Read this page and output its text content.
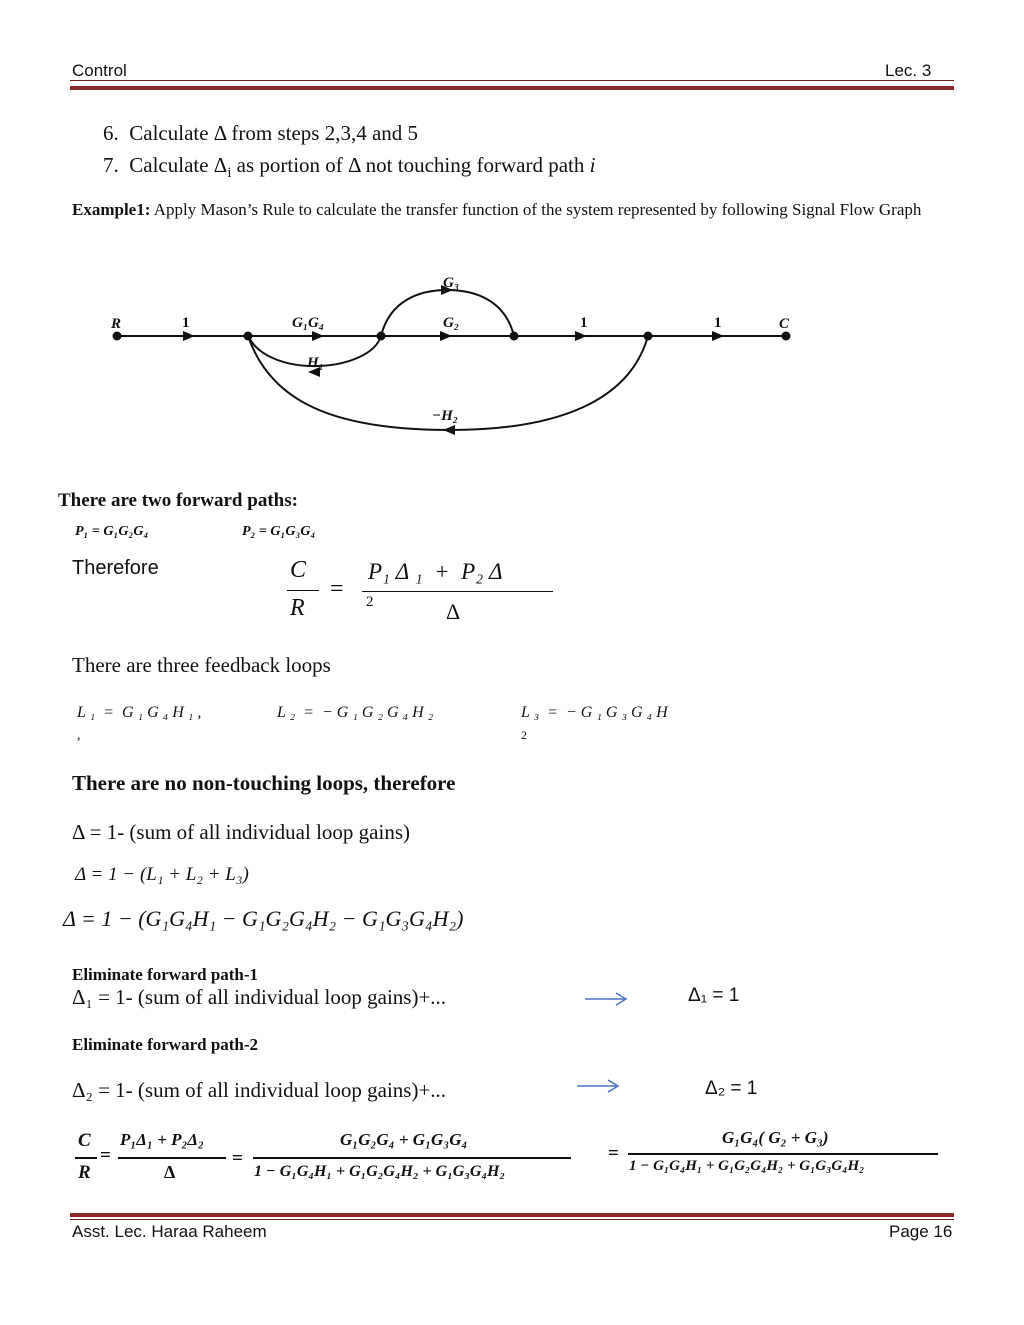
Control	Lec. 3
6. Calculate Δ from steps 2,3,4 and 5
7. Calculate $\Delta_i$ as portion of Δ not touching forward path i
Example1: Apply Mason’s Rule to calculate the transfer function of the system represented by following Signal Flow Graph
R	C
G₁G₄	G₂
G₃
H₁
−H₂
1	1	1
There are two forward paths:
P₁ = G₁G₂G₄	P₂ = G₁G₃G₄
Therefore	C
R
=
P₁ Δ ₁  +  P₂ Δ
2	Δ
There are three feedback loops
L ₁  =  G ₁ G ₄ H ₁ ,
,
L ₂  =  − G ₁ G ₂ G ₄ H ₂	L ₃  =  − G ₁ G ₃ G ₄ H
2
There are no non-touching loops, therefore
Δ = 1- (sum of all individual loop gains)
Δ = 1 − (L₁ + L₂ + L₃)
Δ = 1 − (G₁G₄H₁ − G₁G₂G₄H₂ − G₁G₃G₄H₂)
Eliminate forward path-1
Δ₁ = 1- (sum of all individual loop gains)+...	Δ₁ = 1
Eliminate forward path-2
Δ₂ = 1- (sum of all individual loop gains)+...	Δ₂ = 1
C
R
=
P₁Δ₁ + P₂Δ₂
Δ
=
G₁G₂G₄ + G₁G₃G₄
1 − G₁G₄H₁ + G₁G₂G₄H₂ + G₁G₃G₄H₂
=
G₁G₄( G₂ + G₃)
1 − G₁G₄H₁ + G₁G₂G₄H₂ + G₁G₃G₄H₂
Asst. Lec. Haraa Raheem	Page 16
